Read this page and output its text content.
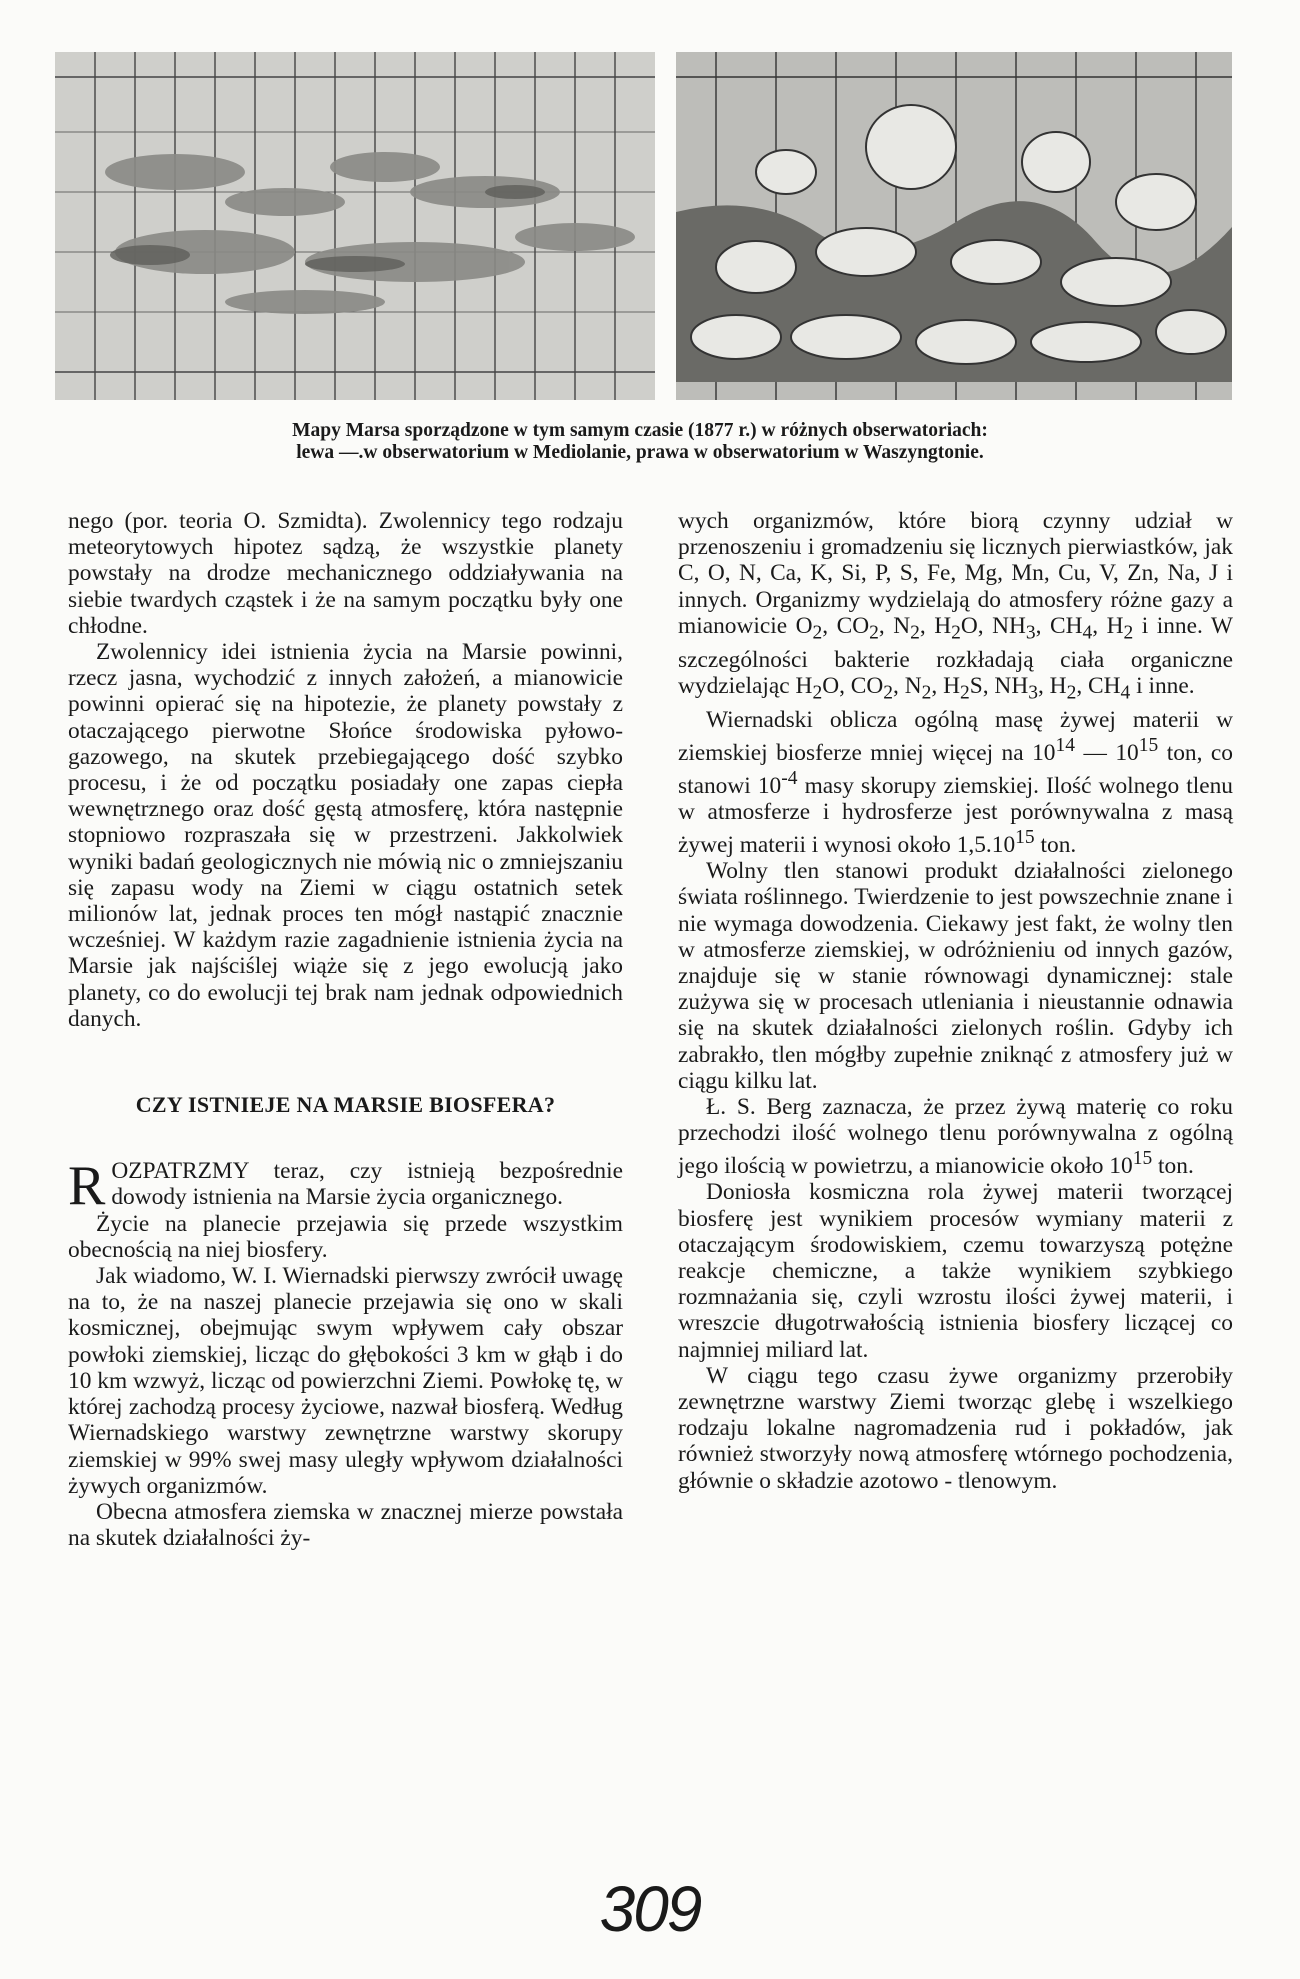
Mapy Marsa sporządzone w tym samym czasie (1877 r.) w różnych obserwatoriach:
lewa —.w obserwatorium w Mediolanie, prawa w obserwatorium w Waszyngtonie.

nego (por. teoria O. Szmidta). Zwolennicy tego rodzaju meteorytowych hipotez sądzą, że wszystkie planety powstały na drodze mechanicznego oddziaływania na siebie twardych cząstek i że na samym początku były one chłodne.

Zwolennicy idei istnienia życia na Marsie powinni, rzecz jasna, wychodzić z innych założeń, a mianowicie powinni opierać się na hipotezie, że planety powstały z otaczającego pierwotne Słońce środowiska pyłowo-gazowego, na skutek przebiegającego dość szybko procesu, i że od początku posiadały one zapas ciepła wewnętrznego oraz dość gęstą atmosferę, która następnie stopniowo rozpraszała się w przestrzeni. Jakkolwiek wyniki badań geologicznych nie mówią nic o zmniejszaniu się zapasu wody na Ziemi w ciągu ostatnich setek milionów lat, jednak proces ten mógł nastąpić znacznie wcześniej. W każdym razie zagadnienie istnienia życia na Marsie jak najściślej wiąże się z jego ewolucją jako planety, co do ewolucji tej brak nam jednak odpowiednich danych.

CZY ISTNIEJE NA MARSIE BIOSFERA?

ROZPATRZMY teraz, czy istnieją bezpośrednie dowody istnienia na Marsie życia organicznego.

Życie na planecie przejawia się przede wszystkim obecnością na niej biosfery.

Jak wiadomo, W. I. Wiernadski pierwszy zwrócił uwagę na to, że na naszej planecie przejawia się ono w skali kosmicznej, obejmując swym wpływem cały obszar powłoki ziemskiej, licząc do głębokości 3 km w głąb i do 10 km wzwyż, licząc od powierzchni Ziemi. Powłokę tę, w której zachodzą procesy życiowe, nazwał biosferą. Według Wiernadskiego warstwy zewnętrzne warstwy skorupy ziemskiej w 99% swej masy uległy wpływom działalności żywych organizmów.

Obecna atmosfera ziemska w znacznej mierze powstała na skutek działalności ży-

wych organizmów, które biorą czynny udział w przenoszeniu i gromadzeniu się licznych pierwiastków, jak C, O, N, Ca, K, Si, P, S, Fe, Mg, Mn, Cu, V, Zn, Na, J i innych. Organizmy wydzielają do atmosfery różne gazy a mianowicie $O_2$, $CO_2$, $N_2$, $H_2O$, $NH_3$, $CH_4$, $H_2$ i inne. W szczególności bakterie rozkładają ciała organiczne wydzielając $H_2O$, $CO_2$, $N_2$, $H_2S$, $NH_3$, $H_2$, $CH_4$ i inne.

Wiernadski oblicza ogólną masę żywej materii w ziemskiej biosferze mniej więcej na $10^{14}$ — $10^{15}$ ton, co stanowi $10^{-4}$ masy skorupy ziemskiej. Ilość wolnego tlenu w atmosferze i hydrosferze jest porównywalna z masą żywej materii i wynosi około 1,5.10$^{15}$ ton.

Wolny tlen stanowi produkt działalności zielonego świata roślinnego. Twierdzenie to jest powszechnie znane i nie wymaga dowodzenia. Ciekawy jest fakt, że wolny tlen w atmosferze ziemskiej, w odróżnieniu od innych gazów, znajduje się w stanie równowagi dynamicznej: stale zużywa się w procesach utleniania i nieustannie odnawia się na skutek działalności zielonych roślin. Gdyby ich zabrakło, tlen mógłby zupełnie zniknąć z atmosfery już w ciągu kilku lat.

Ł. S. Berg zaznacza, że przez żywą materię co roku przechodzi ilość wolnego tlenu porównywalna z ogólną jego ilością w powietrzu, a mianowicie około $10^{15}$ ton.

Doniosła kosmiczna rola żywej materii tworzącej biosferę jest wynikiem procesów wymiany materii z otaczającym środowiskiem, czemu towarzyszą potężne reakcje chemiczne, a także wynikiem szybkiego rozmnażania się, czyli wzrostu ilości żywej materii, i wreszcie długotrwałością istnienia biosfery liczącej co najmniej miliard lat.

W ciągu tego czasu żywe organizmy przerobiły zewnętrzne warstwy Ziemi tworząc glebę i wszelkiego rodzaju lokalne nagromadzenia rud i pokładów, jak również stworzyły nową atmosferę wtórnego pochodzenia, głównie o składzie azotowo - tlenowym.

309
